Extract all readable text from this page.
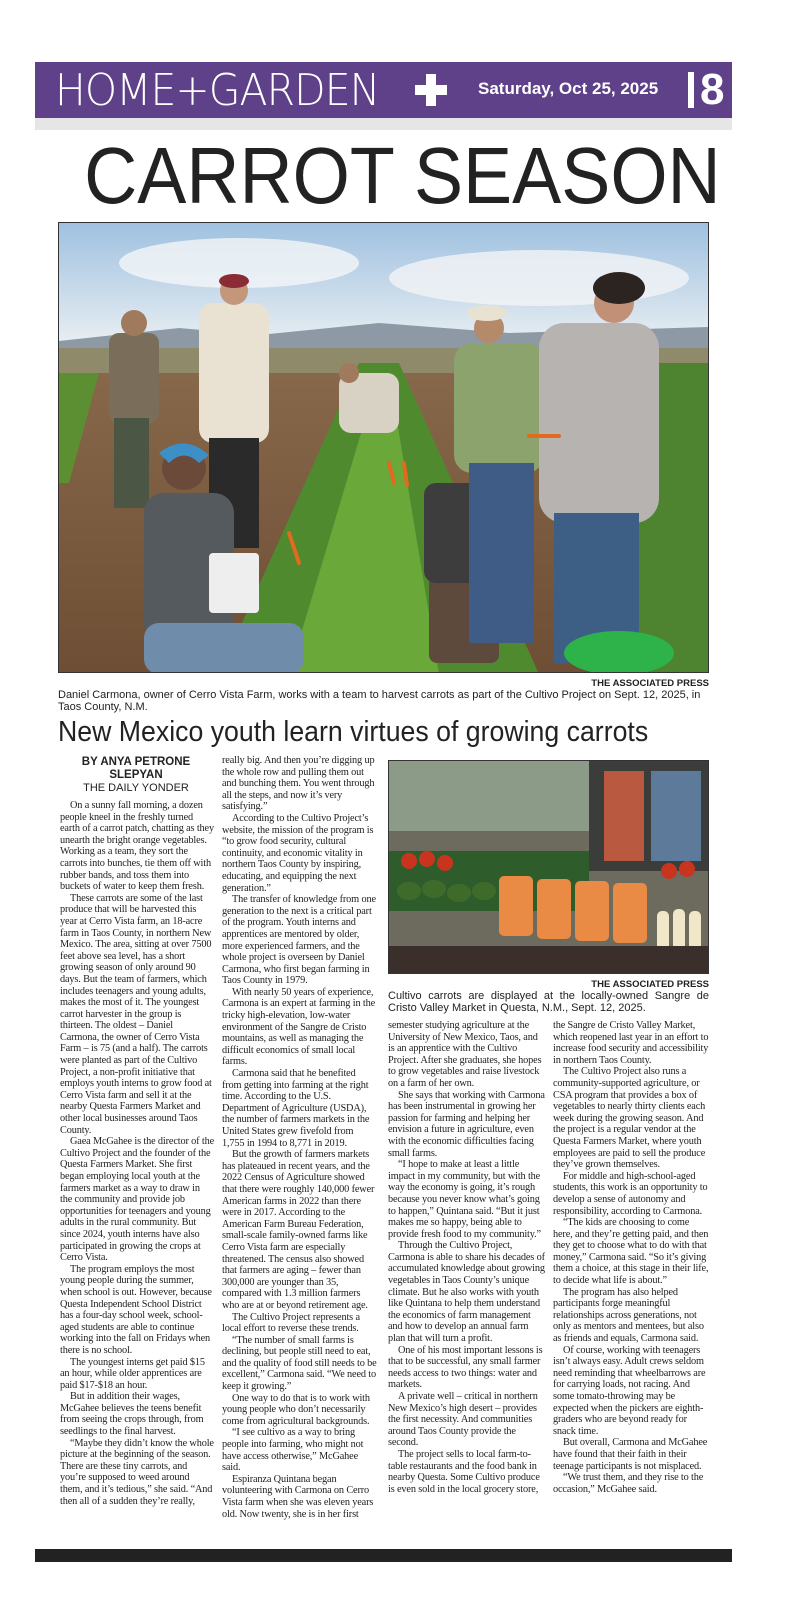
HOME+GARDEN	Saturday, Oct 25, 2025 8
CARROT SEASON
THE ASSOCIATED PRESS
Daniel Carmona, owner of Cerro Vista Farm, works with a team to harvest carrots as part of the Cultivo Project on Sept. 12, 2025, in Taos County, N.M.
New Mexico youth learn virtues of growing carrots
BY ANYA PETRONE SLEPYAN
THE DAILY YONDER

On a sunny fall morning, a dozen people kneel in the freshly turned earth of a carrot patch, chatting as they unearth the bright orange vegetables. Working as a team, they sort the carrots into bunches, tie them off with rubber bands, and toss them into buckets of water to keep them fresh.

These carrots are some of the last produce that will be harvested this year at Cerro Vista farm, an 18-acre farm in Taos County, in northern New Mexico. The area, sitting at over 7500 feet above sea level, has a short growing season of only around 90 days. But the team of farmers, which includes teenagers and young adults, makes the most of it. The youngest carrot harvester in the group is thirteen. The oldest – Daniel Carmona, the owner of Cerro Vista Farm – is 75 (and a half). The carrots were planted as part of the Cultivo Project, a non-profit initiative that employs youth interns to grow food at Cerro Vista farm and sell it at the nearby Questa Farmers Market and other local businesses around Taos County.

Gaea McGahee is the director of the Cultivo Project and the founder of the Questa Farmers Market. She first began employing local youth at the farmers market as a way to draw in the community and provide job opportunities for teenagers and young adults in the rural community. But since 2024, youth interns have also participated in growing the crops at Cerro Vista.

The program employs the most young people during the summer, when school is out. However, because Questa Independent School District has a four-day school week, school-aged students are able to continue working into the fall on Fridays when there is no school.

The youngest interns get paid $15 an hour, while older apprentices are paid $17-$18 an hour.

But in addition their wages, McGahee believes the teens benefit from seeing the crops through, from seedlings to the final harvest.

“Maybe they didn’t know the whole picture at the beginning of the season. There are these tiny carrots, and you’re supposed to weed around them, and it’s tedious,” she said. “And then all of a sudden they’re really,

really big. And then you’re digging up the whole row and pulling them out and bunching them. You went through all the steps, and now it’s very satisfying.”

According to the Cultivo Project’s website, the mission of the program is “to grow food security, cultural continuity, and economic vitality in northern Taos County by inspiring, educating, and equipping the next generation.”

The transfer of knowledge from one generation to the next is a critical part of the program. Youth interns and apprentices are mentored by older, more experienced farmers, and the whole project is overseen by Daniel Carmona, who first began farming in Taos County in 1979.

With nearly 50 years of experience, Carmona is an expert at farming in the tricky high-elevation, low-water environment of the Sangre de Cristo mountains, as well as managing the difficult economics of small local farms.

Carmona said that he benefited from getting into farming at the right time. According to the U.S. Department of Agriculture (USDA), the number of farmers markets in the United States grew fivefold from 1,755 in 1994 to 8,771 in 2019.

But the growth of farmers markets has plateaued in recent years, and the 2022 Census of Agriculture showed that there were roughly 140,000 fewer American farms in 2022 than there were in 2017. According to the American Farm Bureau Federation, small-scale family-owned farms like Cerro Vista farm are especially threatened. The census also showed that farmers are aging – fewer than 300,000 are younger than 35, compared with 1.3 million farmers who are at or beyond retirement age.

The Cultivo Project represents a local effort to reverse these trends.

“The number of small farms is declining, but people still need to eat, and the quality of food still needs to be excellent,” Carmona said. “We need to keep it growing.”

One way to do that is to work with young people who don’t necessarily come from agricultural backgrounds.

“I see cultivo as a way to bring people into farming, who might not have access otherwise,” McGahee said.

Espiranza Quintana began volunteering with Carmona on Cerro Vista farm when she was eleven years old. Now twenty, she is in her first

THE ASSOCIATED PRESS
Cultivo carrots are displayed at the locally-owned Sangre de Cristo Valley Market in Questa, N.M., Sept. 12, 2025.

semester studying agriculture at the University of New Mexico, Taos, and is an apprentice with the Cultivo Project. After she graduates, she hopes to grow vegetables and raise livestock on a farm of her own.

She says that working with Carmona has been instrumental in growing her passion for farming and helping her envision a future in agriculture, even with the economic difficulties facing small farms.

“I hope to make at least a little impact in my community, but with the way the economy is going, it’s rough because you never know what’s going to happen,” Quintana said. “But it just makes me so happy, being able to provide fresh food to my community.”

Through the Cultivo Project, Carmona is able to share his decades of accumulated knowledge about growing vegetables in Taos County’s unique climate. But he also works with youth like Quintana to help them understand the economics of farm management and how to develop an annual farm plan that will turn a profit.

One of his most important lessons is that to be successful, any small farmer needs access to two things: water and markets.

A private well – critical in northern New Mexico’s high desert – provides the first necessity. And communities around Taos County provide the second.

The project sells to local farm-to-table restaurants and the food bank in nearby Questa. Some Cultivo produce is even sold in the local grocery store,

the Sangre de Cristo Valley Market, which reopened last year in an effort to increase food security and accessibility in northern Taos County.

The Cultivo Project also runs a community-supported agriculture, or CSA program that provides a box of vegetables to nearly thirty clients each week during the growing season. And the project is a regular vendor at the Questa Farmers Market, where youth employees are paid to sell the produce they’ve grown themselves.

For middle and high-school-aged students, this work is an opportunity to develop a sense of autonomy and responsibility, according to Carmona.

“The kids are choosing to come here, and they’re getting paid, and then they get to choose what to do with that money,” Carmona said. “So it’s giving them a choice, at this stage in their life, to decide what life is about.”

The program has also helped participants forge meaningful relationships across generations, not only as mentors and mentees, but also as friends and equals, Carmona said.

Of course, working with teenagers isn’t always easy. Adult crews seldom need reminding that wheelbarrows are for carrying loads, not racing. And some tomato-throwing may be expected when the pickers are eighth-graders who are beyond ready for snack time.

But overall, Carmona and McGahee have found that their faith in their teenage participants is not misplaced.

“We trust them, and they rise to the occasion,” McGahee said.
